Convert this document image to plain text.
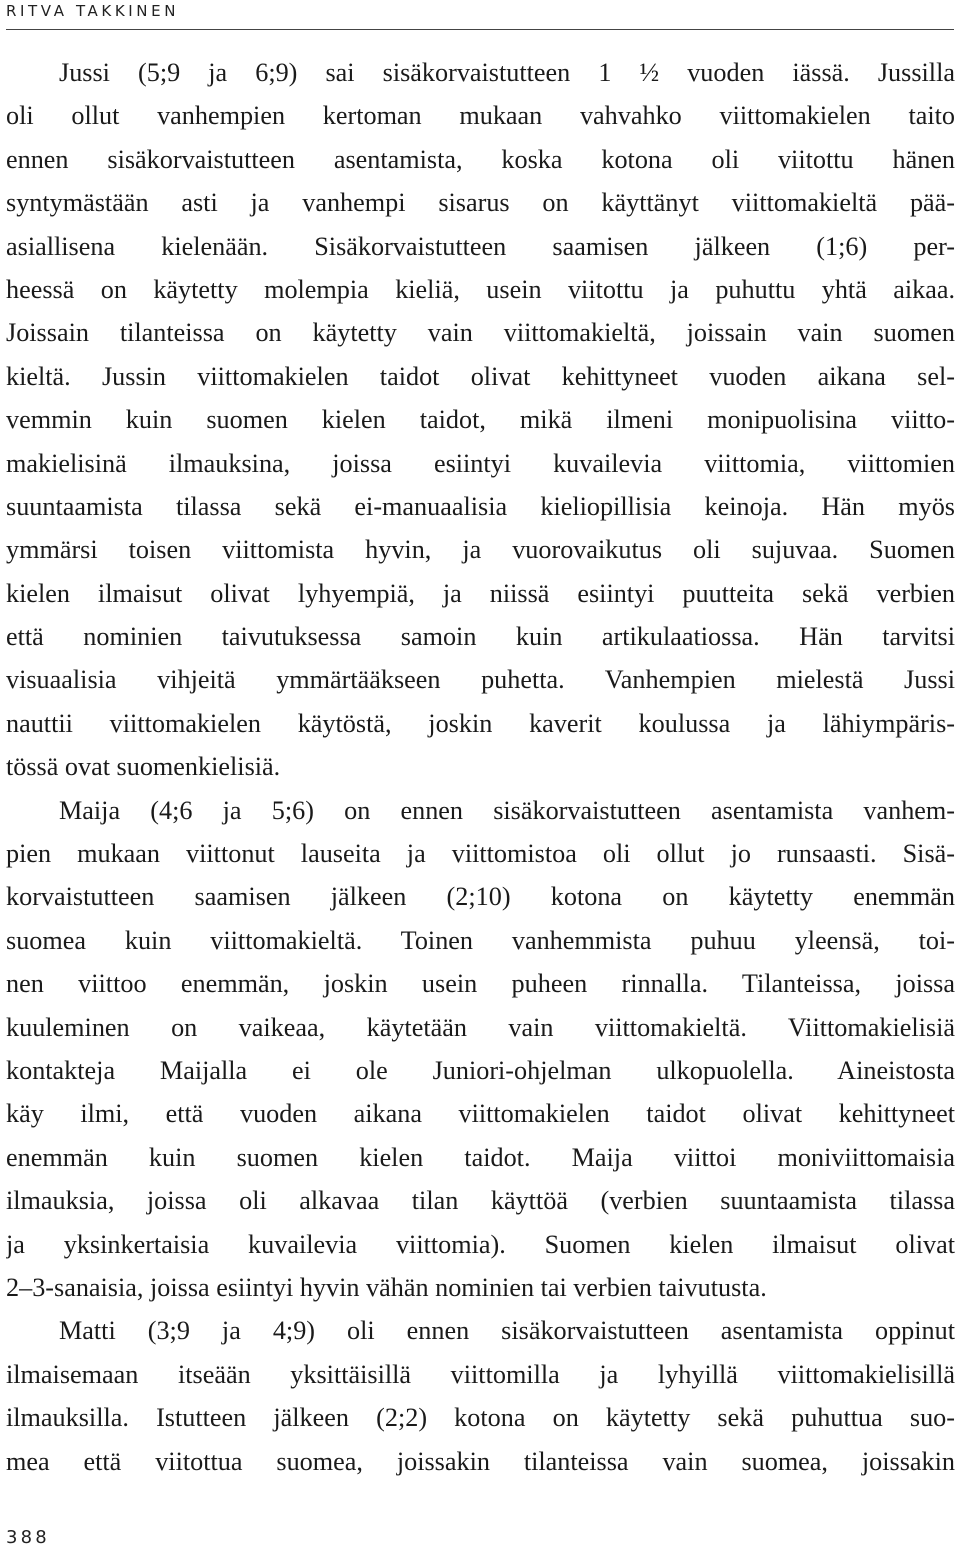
RITVA TAKKINEN
Jussi (5;9 ja 6;9) sai sisäkorvaistutteen 1 ½ vuoden iässä. Jussilla
oli ollut vanhempien kertoman mukaan vahvahko viittomakielen taito
ennen sisäkorvaistutteen asentamista, koska kotona oli viitottu hänen
syntymästään asti ja vanhempi sisarus on käyttänyt viittomakieltä pää-
asiallisena kielenään. Sisäkorvaistutteen saamisen jälkeen (1;6) per-
heessä on käytetty molempia kieliä, usein viitottu ja puhuttu yhtä aikaa.
Joissain tilanteissa on käytetty vain viittomakieltä, joissain vain suomen
kieltä. Jussin viittomakielen taidot olivat kehittyneet vuoden aikana sel-
vemmin kuin suomen kielen taidot, mikä ilmeni monipuolisina viitto-
makielisinä ilmauksina, joissa esiintyi kuvailevia viittomia, viittomien
suuntaamista tilassa sekä ei-manuaalisia kieliopillisia keinoja. Hän myös
ymmärsi toisen viittomista hyvin, ja vuorovaikutus oli sujuvaa. Suomen
kielen ilmaisut olivat lyhyempiä, ja niissä esiintyi puutteita sekä verbien
että nominien taivutuksessa samoin kuin artikulaatiossa. Hän tarvitsi
visuaalisia vihjeitä ymmärtääkseen puhetta. Vanhempien mielestä Jussi
nauttii viittomakielen käytöstä, joskin kaverit koulussa ja lähiympäris-
tössä ovat suomenkielisiä.
Maija (4;6 ja 5;6) on ennen sisäkorvaistutteen asentamista vanhem-
pien mukaan viittonut lauseita ja viittomistoa oli ollut jo runsaasti. Sisä-
korvaistutteen saamisen jälkeen (2;10) kotona on käytetty enemmän
suomea kuin viittomakieltä. Toinen vanhemmista puhuu yleensä, toi-
nen viittoo enemmän, joskin usein puheen rinnalla. Tilanteissa, joissa
kuuleminen on vaikeaa, käytetään vain viittomakieltä. Viittomakielisiä
kontakteja Maijalla ei ole Juniori-ohjelman ulkopuolella. Aineistosta
käy ilmi, että vuoden aikana viittomakielen taidot olivat kehittyneet
enemmän kuin suomen kielen taidot. Maija viittoi moniviittomaisia
ilmauksia, joissa oli alkavaa tilan käyttöä (verbien suuntaamista tilassa
ja yksinkertaisia kuvailevia viittomia). Suomen kielen ilmaisut olivat
2–3-sanaisia, joissa esiintyi hyvin vähän nominien tai verbien taivutusta.
Matti (3;9 ja 4;9) oli ennen sisäkorvaistutteen asentamista oppinut
ilmaisemaan itseään yksittäisillä viittomilla ja lyhyillä viittomakielisillä
ilmauksilla. Istutteen jälkeen (2;2) kotona on käytetty sekä puhuttua suo-
mea että viitottua suomea, joissakin tilanteissa vain suomea, joissakin
388
